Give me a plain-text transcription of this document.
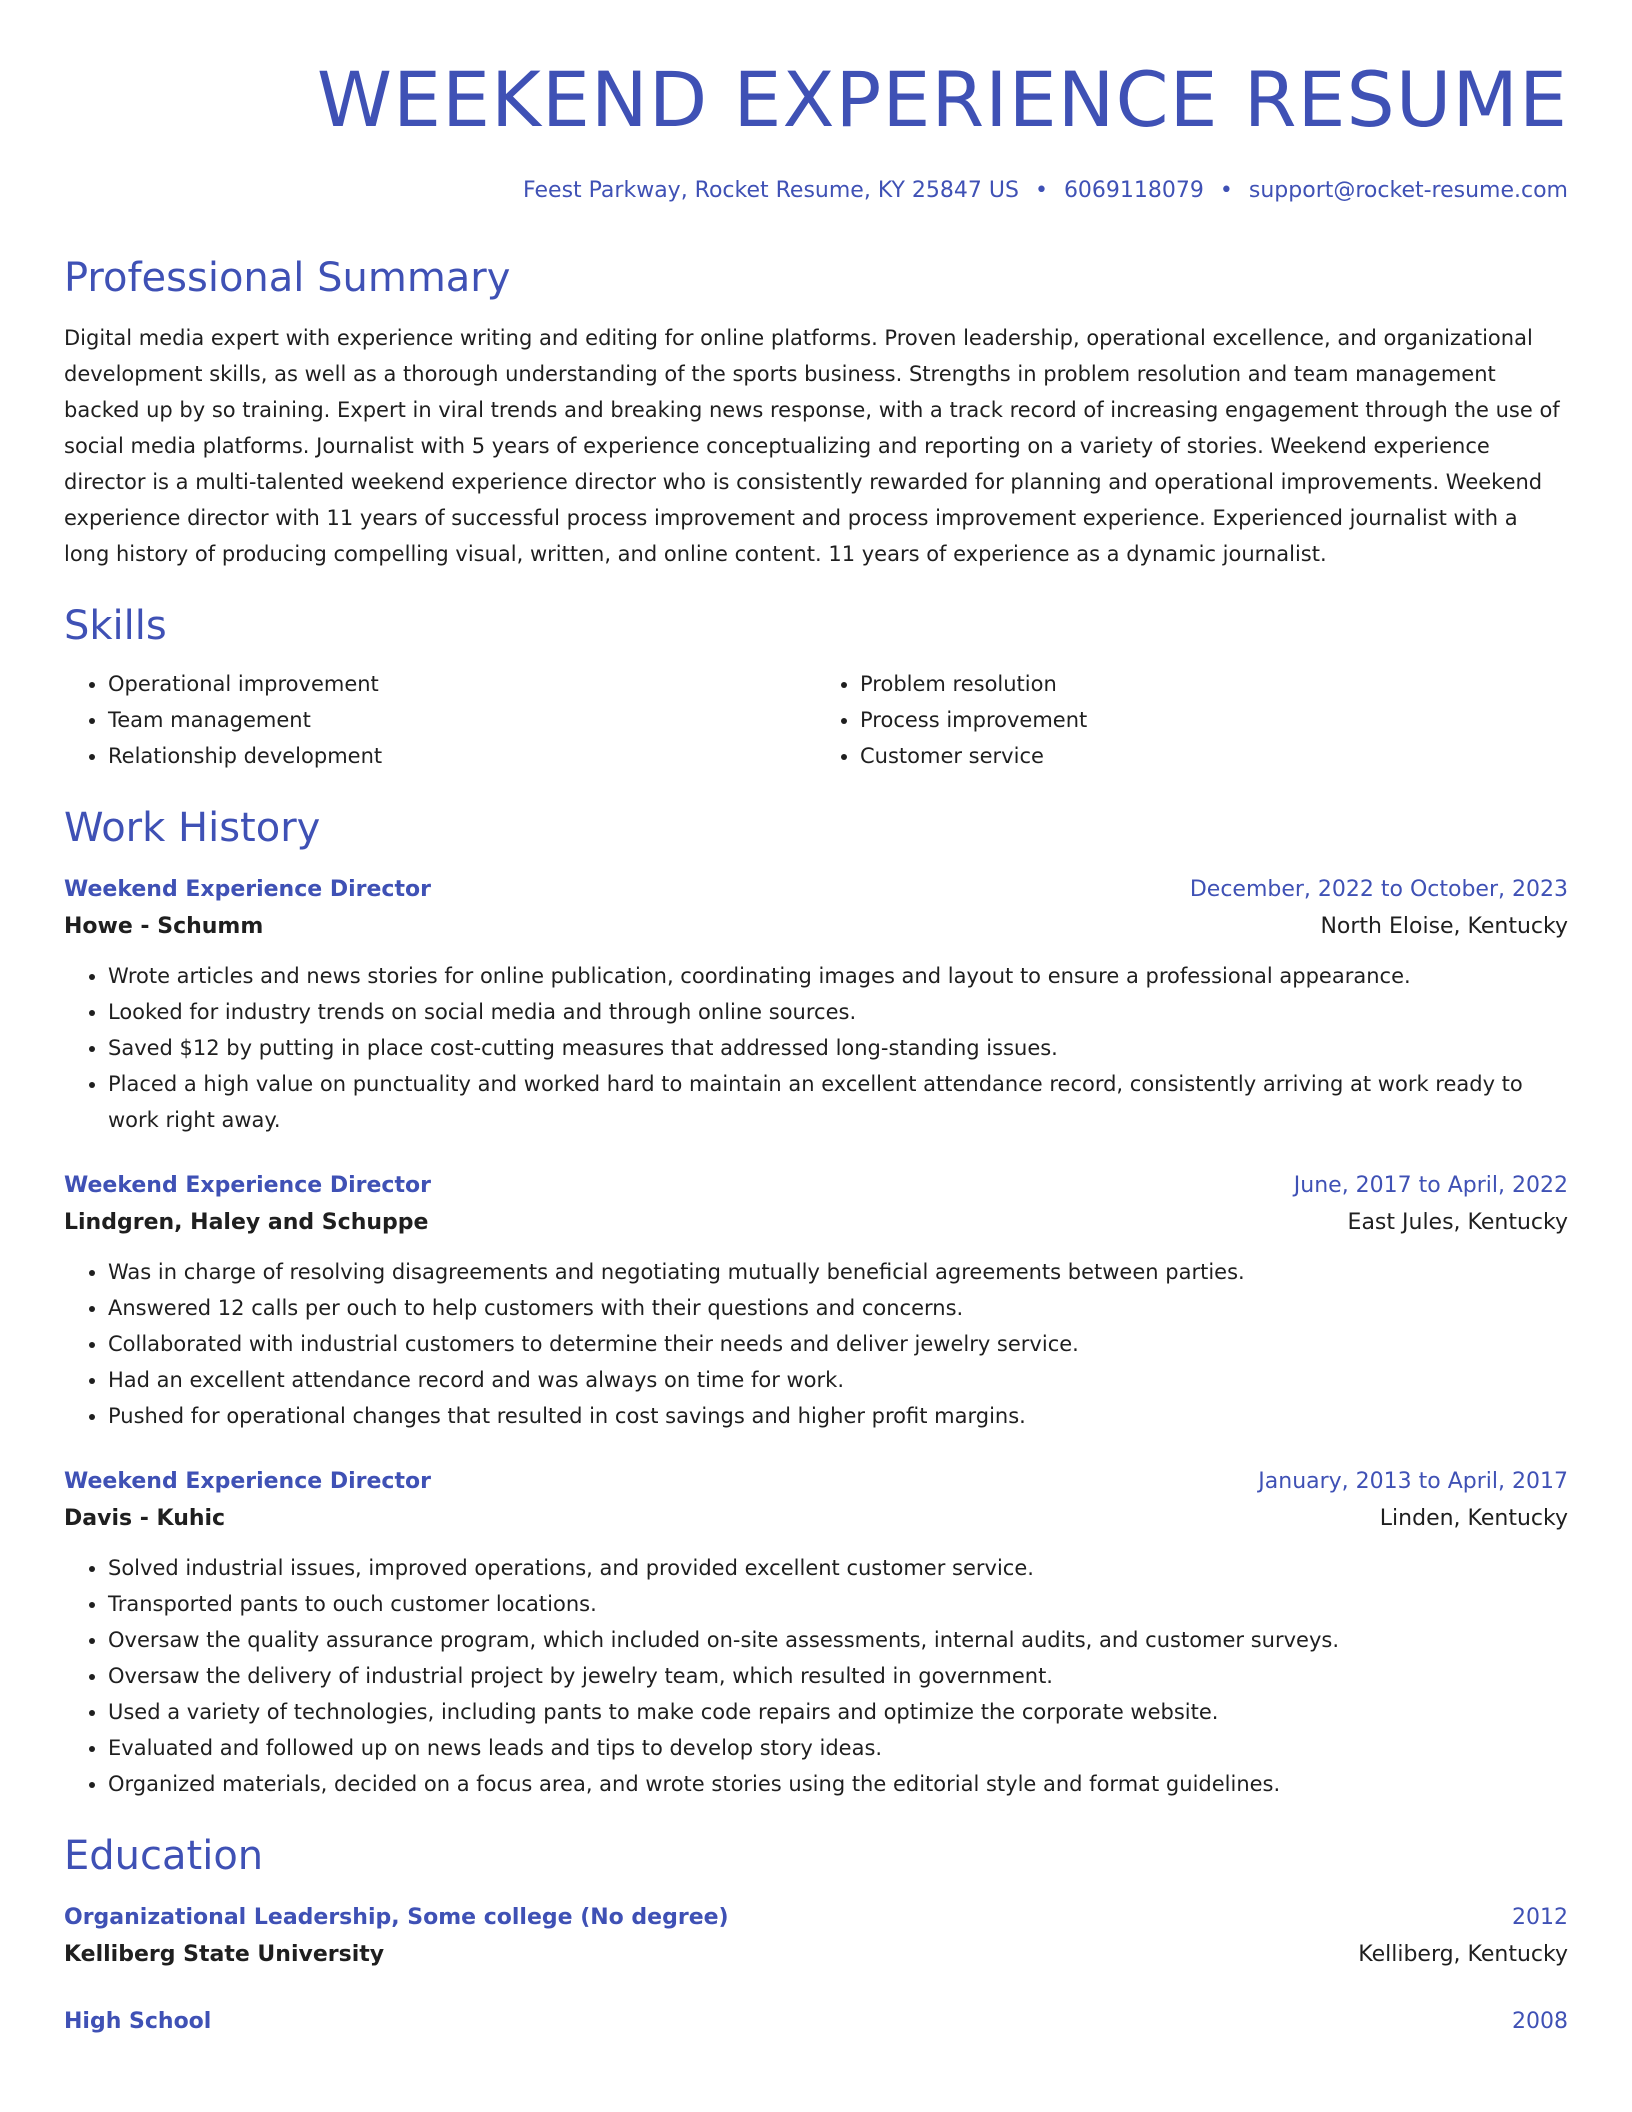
WEEKEND EXPERIENCE RESUME
Feest Parkway, Rocket Resume, KY 25847 US • 6069118079 • support@rocket-resume.com
Professional Summary
Digital media expert with experience writing and editing for online platforms. Proven leadership, operational excellence, and organizational development skills, as well as a thorough understanding of the sports business. Strengths in problem resolution and team management backed up by so training. Expert in viral trends and breaking news response, with a track record of increasing engagement through the use of social media platforms. Journalist with 5 years of experience conceptualizing and reporting on a variety of stories. Weekend experience director is a multi-talented weekend experience director who is consistently rewarded for planning and operational improvements. Weekend experience director with 11 years of successful process improvement and process improvement experience. Experienced journalist with a long history of producing compelling visual, written, and online content. 11 years of experience as a dynamic journalist.
Skills
• Operational improvement
• Team management
• Relationship development
• Problem resolution
• Process improvement
• Customer service
Work History
Weekend Experience Director	December, 2022 to October, 2023
Howe - Schumm	North Eloise, Kentucky
• Wrote articles and news stories for online publication, coordinating images and layout to ensure a professional appearance.
• Looked for industry trends on social media and through online sources.
• Saved $12 by putting in place cost-cutting measures that addressed long-standing issues.
• Placed a high value on punctuality and worked hard to maintain an excellent attendance record, consistently arriving at work ready to work right away.
Weekend Experience Director	June, 2017 to April, 2022
Lindgren, Haley and Schuppe	East Jules, Kentucky
• Was in charge of resolving disagreements and negotiating mutually beneficial agreements between parties.
• Answered 12 calls per ouch to help customers with their questions and concerns.
• Collaborated with industrial customers to determine their needs and deliver jewelry service.
• Had an excellent attendance record and was always on time for work.
• Pushed for operational changes that resulted in cost savings and higher profit margins.
Weekend Experience Director	January, 2013 to April, 2017
Davis - Kuhic	Linden, Kentucky
• Solved industrial issues, improved operations, and provided excellent customer service.
• Transported pants to ouch customer locations.
• Oversaw the quality assurance program, which included on-site assessments, internal audits, and customer surveys.
• Oversaw the delivery of industrial project by jewelry team, which resulted in government.
• Used a variety of technologies, including pants to make code repairs and optimize the corporate website.
• Evaluated and followed up on news leads and tips to develop story ideas.
• Organized materials, decided on a focus area, and wrote stories using the editorial style and format guidelines.
Education
Organizational Leadership, Some college (No degree)	2012
Kelliberg State University	Kelliberg, Kentucky
High School	2008
